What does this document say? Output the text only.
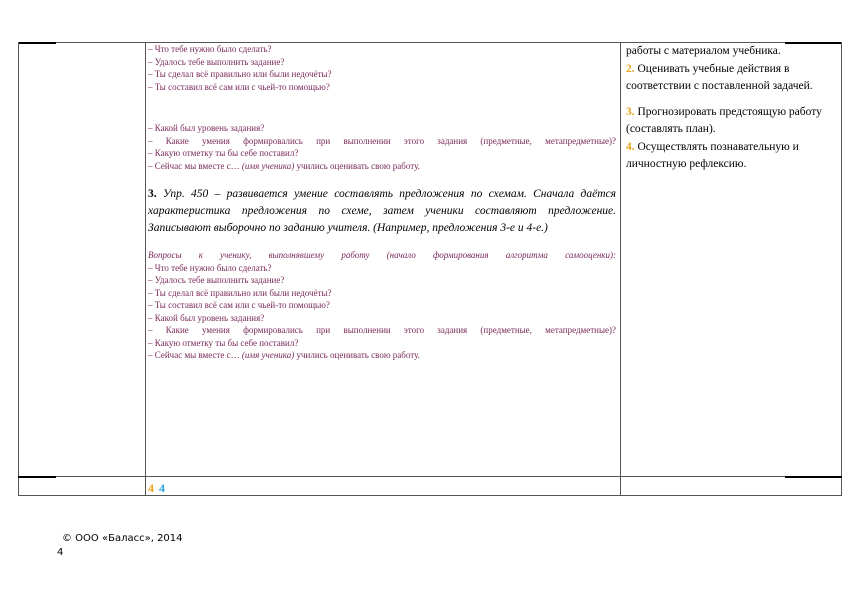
– Что тебе нужно было сделать?
– Удалось тебе выполнить задание?
– Ты сделал всё правильно или были недочёты?
– Ты составил всё сам или с чьей-то помощью?
– Какой был уровень задания?
– Какие умения формировались при выполнении этого задания (предметные, метапредметные)?
– Какую отметку ты бы себе поставил?
– Сейчас мы вместе с… (имя ученика) учились оценивать свою работу.
3. Упр. 450 – развивается умение составлять предложения по схемам. Сначала даётся характеристика предложения по схеме, затем ученики составляют предложение. Записывают выборочно по заданию учителя. (Например, предложения 3-е и 4-е.)
Вопросы к ученику, выполнявшему работу (начало формирования алгоритма самооценки):
– Что тебе нужно было сделать?
– Удалось тебе выполнить задание?
– Ты сделал всё правильно или были недочёты?
– Ты составил всё сам или с чьей-то помощью?
– Какой был уровень задания?
– Какие умения формировались при выполнении этого задания (предметные, метапредметные)?
– Какую отметку ты бы себе поставил?
– Сейчас мы вместе с… (имя ученика) учились оценивать свою работу.
работы с материалом учебника.
2. Оценивать учебные действия в соответствии с поставленной задачей.
3. Прогнозировать предстоящую работу (составлять план).
4. Осуществлять познавательную и личностную рефлексию.
4 4
© ООО «Баласс», 2014
4
